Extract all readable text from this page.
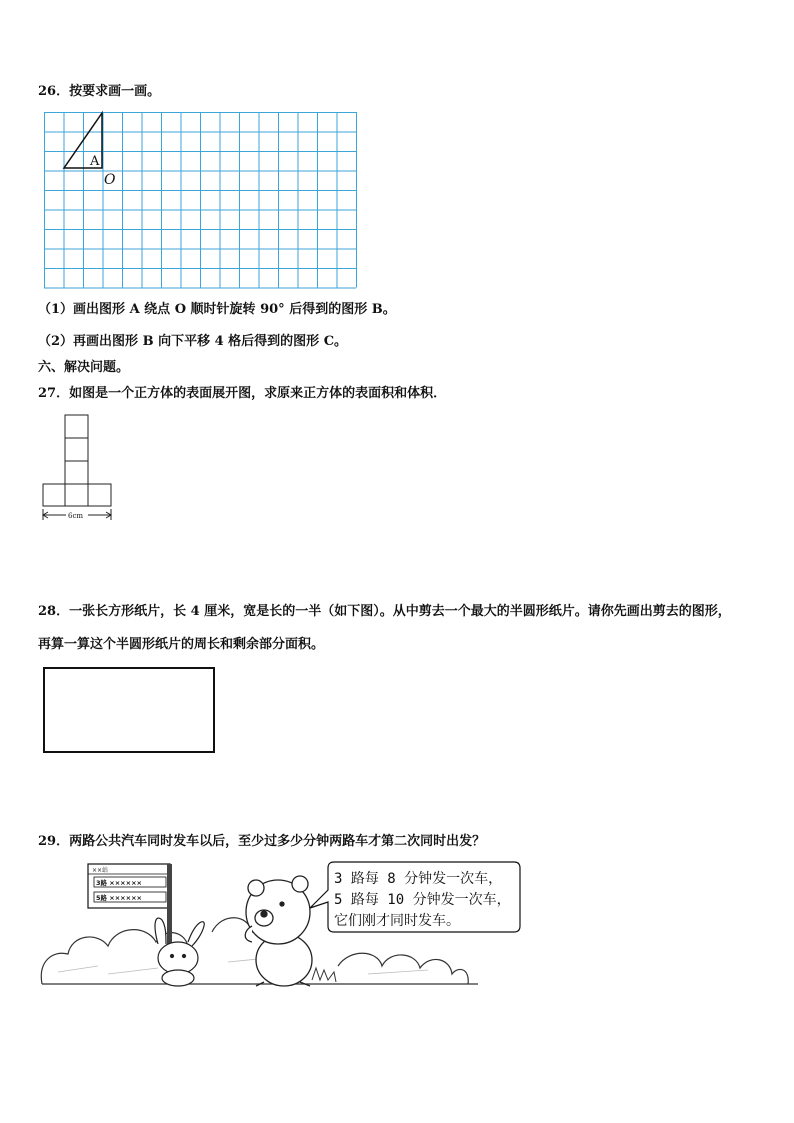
26．按要求画一画。
A
O
（1）画出图形 A 绕点 O 顺时针旋转 90° 后得到的图形 B。
（2）再画出图形 B 向下平移 4 格后得到的图形 C。
六、解决问题。
27．如图是一个正方体的表面展开图，求原来正方体的表面积和体积．
6cm
28．一张长方形纸片，长 4 厘米，宽是长的一半（如下图）。从中剪去一个最大的半圆形纸片。请你先画出剪去的图形，
再算一算这个半圆形纸片的周长和剩余部分面积。
29．两路公共汽车同时发车以后，至少过多少分钟两路车才第二次同时出发？
××站
3路 ××××××
5路 ××××××
3 路每 8 分钟发一次车，
5 路每 10 分钟发一次车，
它们刚才同时发车。
